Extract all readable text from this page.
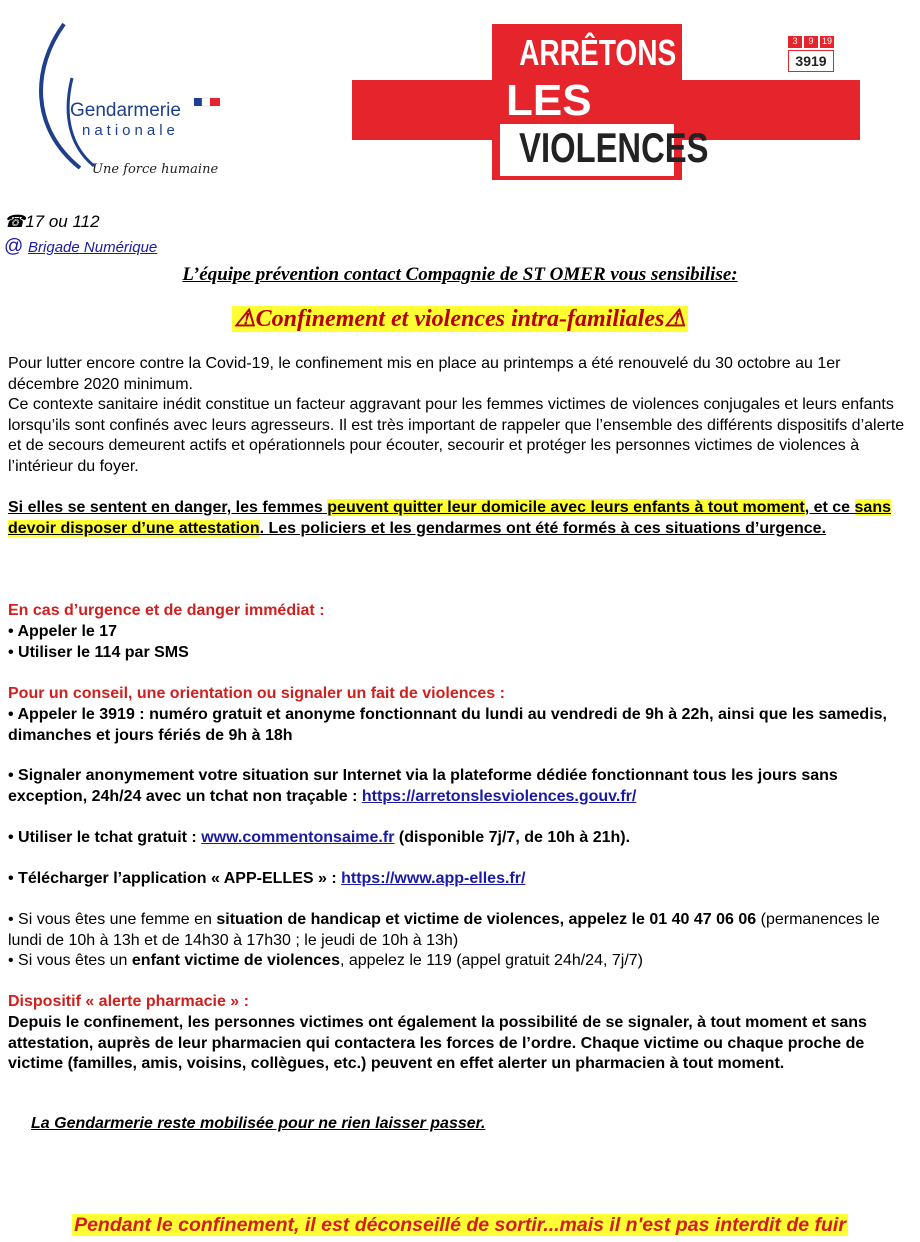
Gendarmerie
nationale
Une force humaine
ARRÊTONS
LES
VIOLENCES
3	9 19
3919
☎17 ou 112
@ Brigade Numérique
L’équipe prévention contact Compagnie de ST OMER vous sensibilise:
⚠Confinement et violences intra-familiales⚠
Pour lutter encore contre la Covid-19, le confinement mis en place au printemps a été renouvelé du 30 octobre au 1er décembre 2020 minimum.
Ce contexte sanitaire inédit constitue un facteur aggravant pour les femmes victimes de violences conjugales et leurs enfants lorsqu’ils sont confinés avec leurs agresseurs. Il est très important de rappeler que l’ensemble des différents dispositifs d’alerte et de secours demeurent actifs et opérationnels pour écouter, secourir et protéger les personnes victimes de violences à l’intérieur du foyer.
Si elles se sentent en danger, les femmes peuvent quitter leur domicile avec leurs enfants à tout moment, et ce sans devoir disposer d’une attestation. Les policiers et les gendarmes ont été formés à ces situations d’urgence.
En cas d’urgence et de danger immédiat :
• Appeler le 17
• Utiliser le 114 par SMS
Pour un conseil, une orientation ou signaler un fait de violences :
• Appeler le 3919 : numéro gratuit et anonyme fonctionnant du lundi au vendredi de 9h à 22h, ainsi que les samedis, dimanches et jours fériés de 9h à 18h
• Signaler anonymement votre situation sur Internet via la plateforme dédiée fonctionnant tous les jours sans exception, 24h/24 avec un tchat non traçable : https://arretonslesviolences.gouv.fr/
• Utiliser le tchat gratuit : www.commentonsaime.fr (disponible 7j/7, de 10h à 21h).
• Télécharger l’application « APP-ELLES » : https://www.app-elles.fr/
• Si vous êtes une femme en situation de handicap et victime de violences, appelez le 01 40 47 06 06 (permanences le lundi de 10h à 13h et de 14h30 à 17h30 ; le jeudi de 10h à 13h)
• Si vous êtes un enfant victime de violences, appelez le 119 (appel gratuit 24h/24, 7j/7)
Dispositif « alerte pharmacie » :
Depuis le confinement, les personnes victimes ont également la possibilité de se signaler, à tout moment et sans attestation, auprès de leur pharmacien qui contactera les forces de l’ordre. Chaque victime ou chaque proche de victime (familles, amis, voisins, collègues, etc.) peuvent en effet alerter un pharmacien à tout moment.
La Gendarmerie reste mobilisée pour ne rien laisser passer.
Pendant le confinement, il est déconseillé de sortir...mais il n'est pas interdit de fuir
